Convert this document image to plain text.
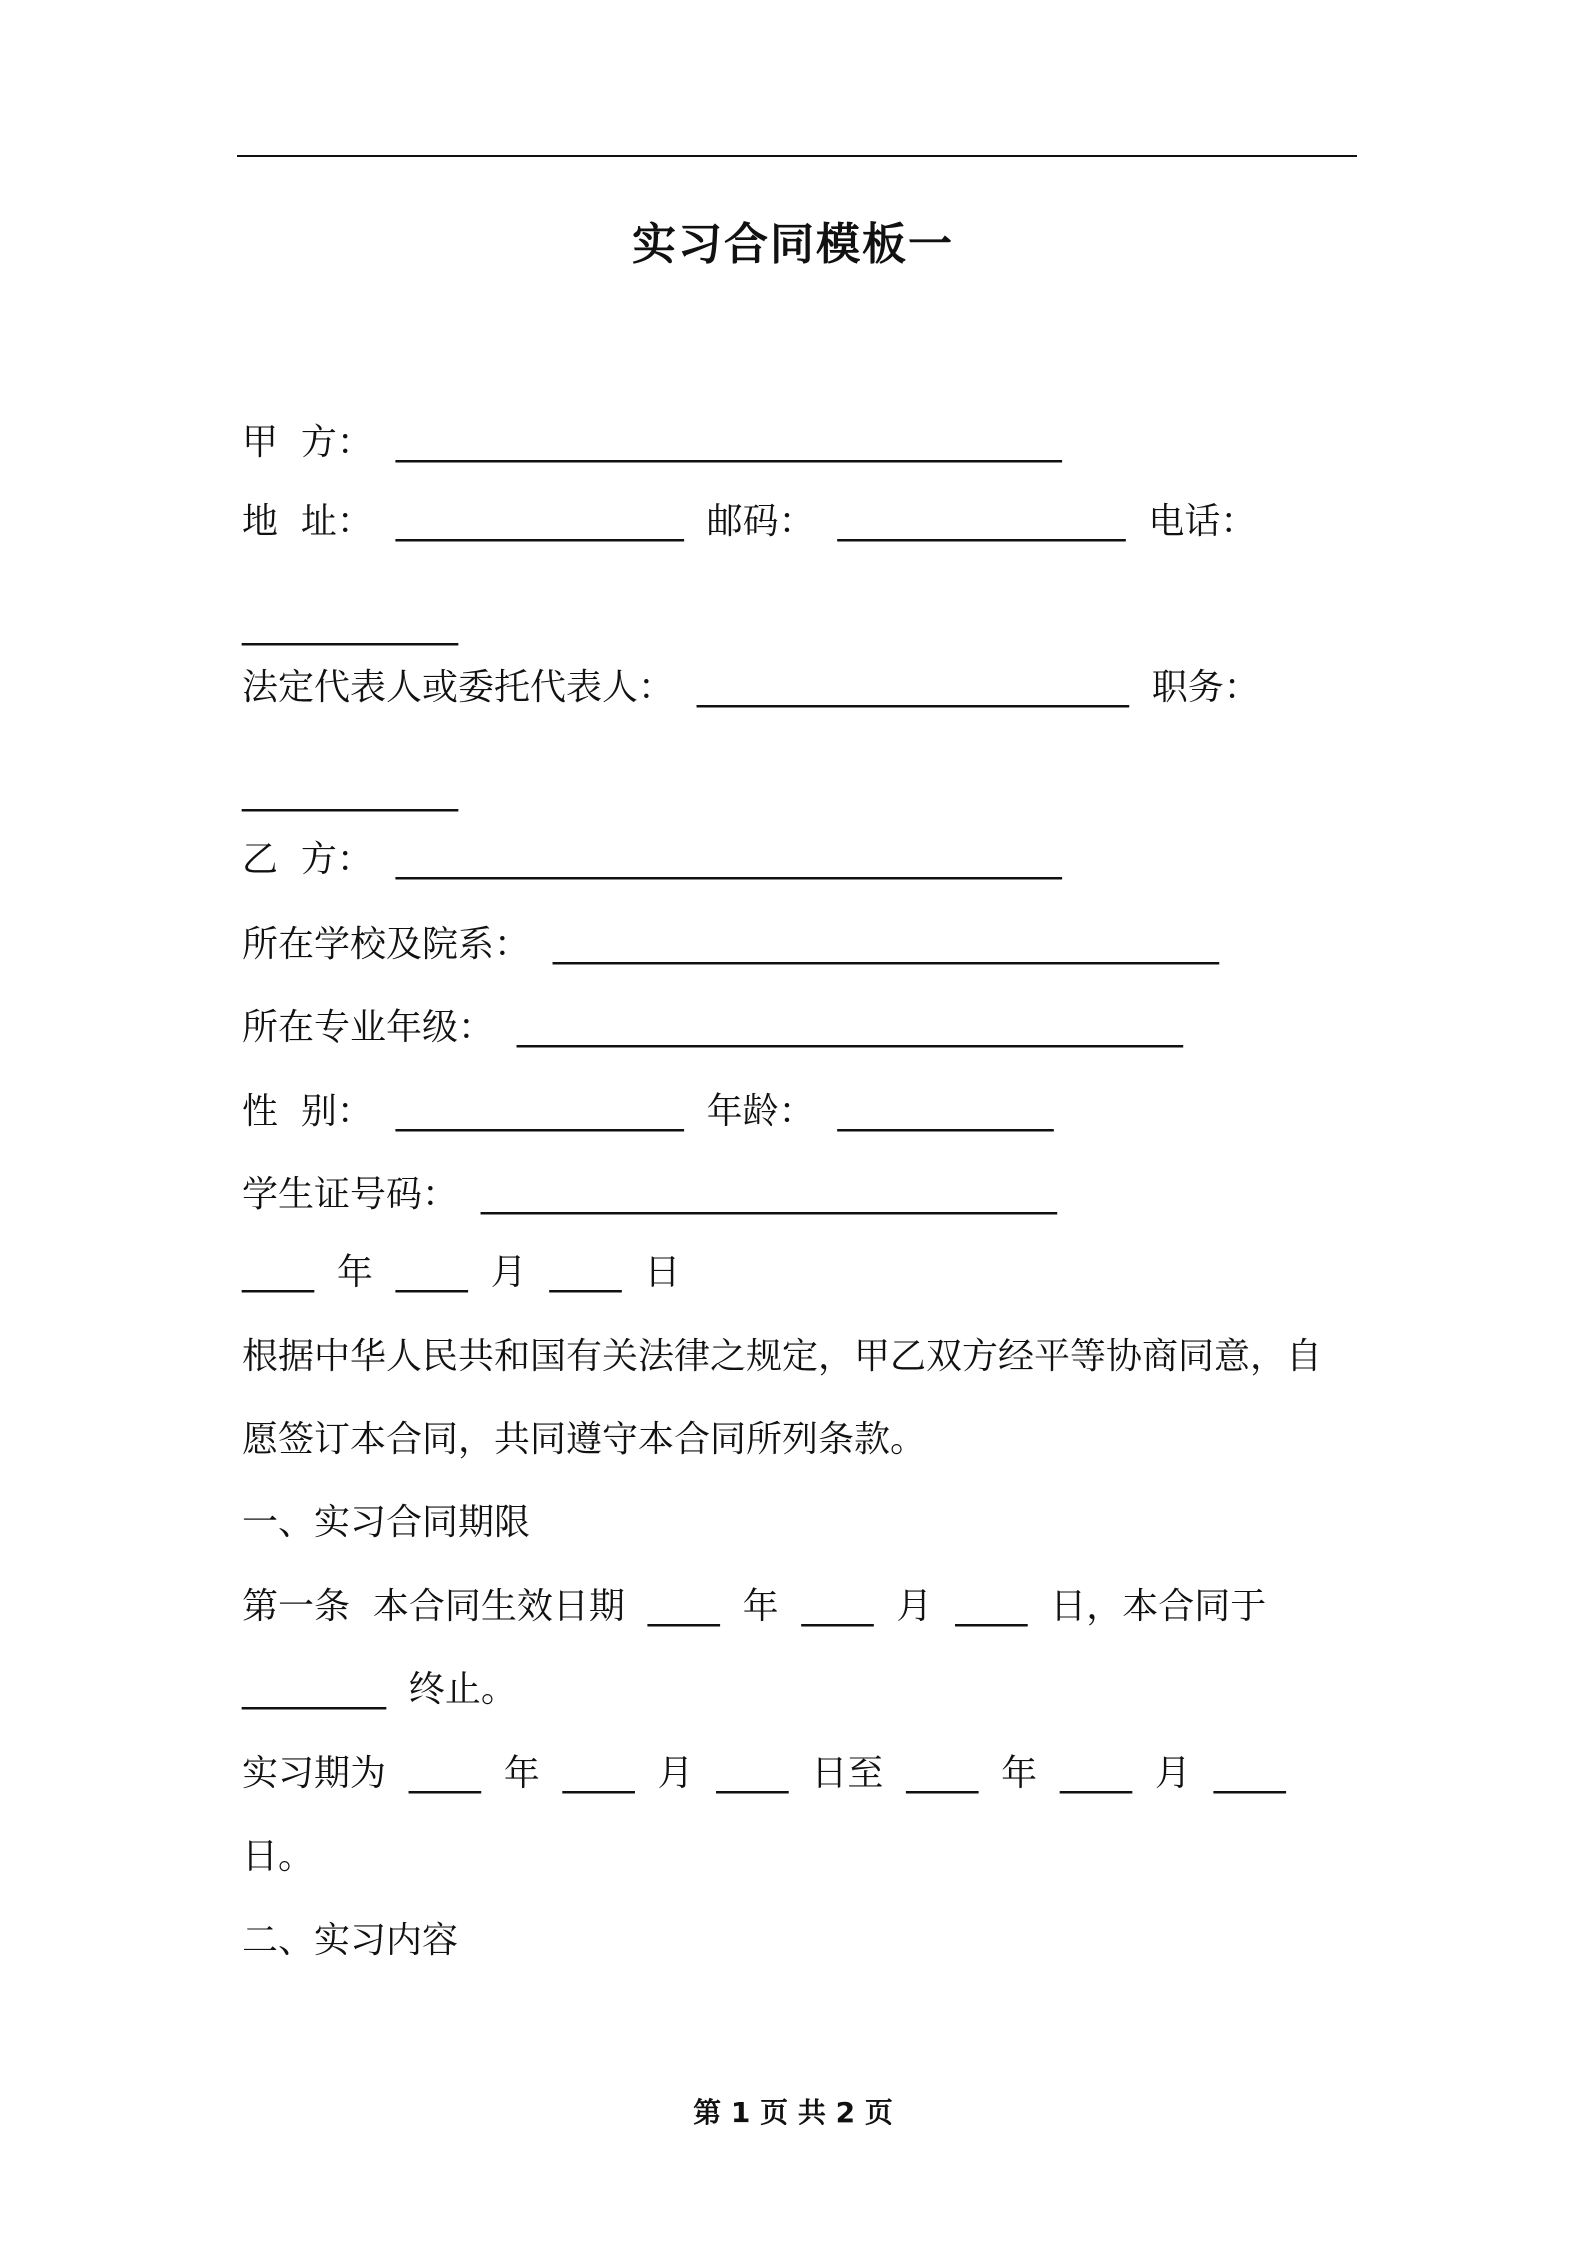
实习合同模板一
甲  方：  _____________________________________
地  址：  ________________  邮码：  ________________  电话：
____________
法定代表人或委托代表人：  ________________________  职务：
____________
乙  方：  _____________________________________
所在学校及院系：  _____________________________________
所在专业年级：  _____________________________________
性  别：  ________________  年龄：  ____________
学生证号码：  ________________________________
____  年  ____  月  ____  日
根据中华人民共和国有关法律之规定，甲乙双方经平等协商同意，自
愿签订本合同，共同遵守本合同所列条款。
一、实习合同期限
第一条  本合同生效日期  ____  年  ____  月  ____  日，本合同于
________  终止。
实习期为  ____  年  ____  月  ____  日至  ____  年  ____  月  ____
日。
二、实习内容
第 1 页 共 2 页
